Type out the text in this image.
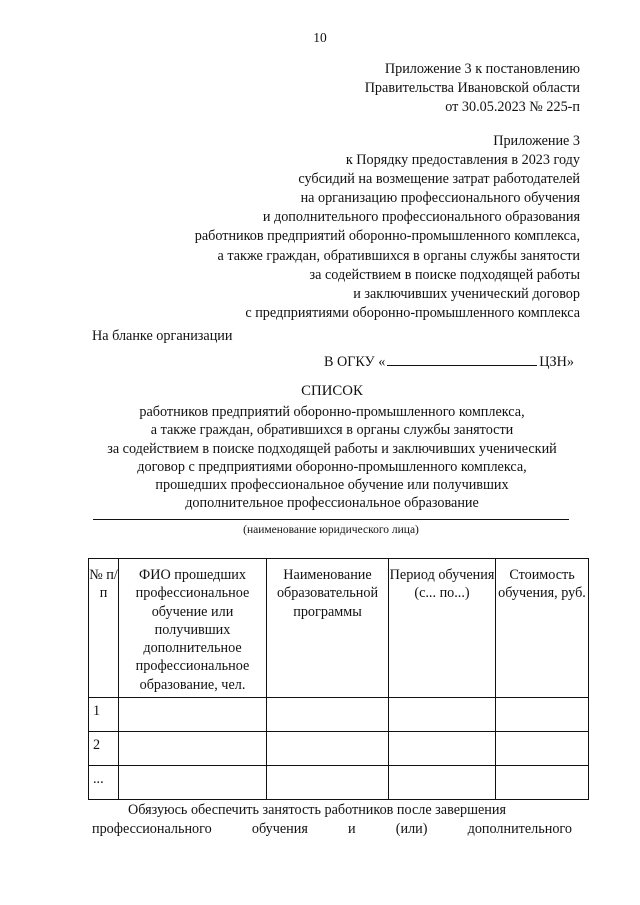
10
Приложение 3 к постановлению
Правительства Ивановской области
от 30.05.2023 № 225-п
Приложение 3
к Порядку предоставления в 2023 году
субсидий на возмещение затрат работодателей
на организацию профессионального обучения
и дополнительного профессионального образования
работников предприятий оборонно-промышленного комплекса,
а также граждан, обратившихся в органы службы занятости
за содействием в поиске подходящей работы
и заключивших ученический договор
с предприятиями оборонно-промышленного комплекса
На бланке организации
В ОГКУ «	ЦЗН»
СПИСОК
работников предприятий оборонно-промышленного комплекса,
а также граждан, обратившихся в органы службы занятости
за содействием в поиске подходящей работы и заключивших ученический
договор с предприятиями оборонно-промышленного комплекса,
прошедших профессиональное обучение или получивших
дополнительное профессиональное образование
(наименование юридического лица)
№ п/п	ФИО прошедших профессиональное обучение или получивших дополнительное профессиональное образование, чел.	Наименование образовательной программы	Период обучения (с... по...)	Стоимость обучения, руб.
1				
2				
...				
Обязуюсь обеспечить занятость работников после завершения
профессионального	обучения	и	(или)	дополнительного
